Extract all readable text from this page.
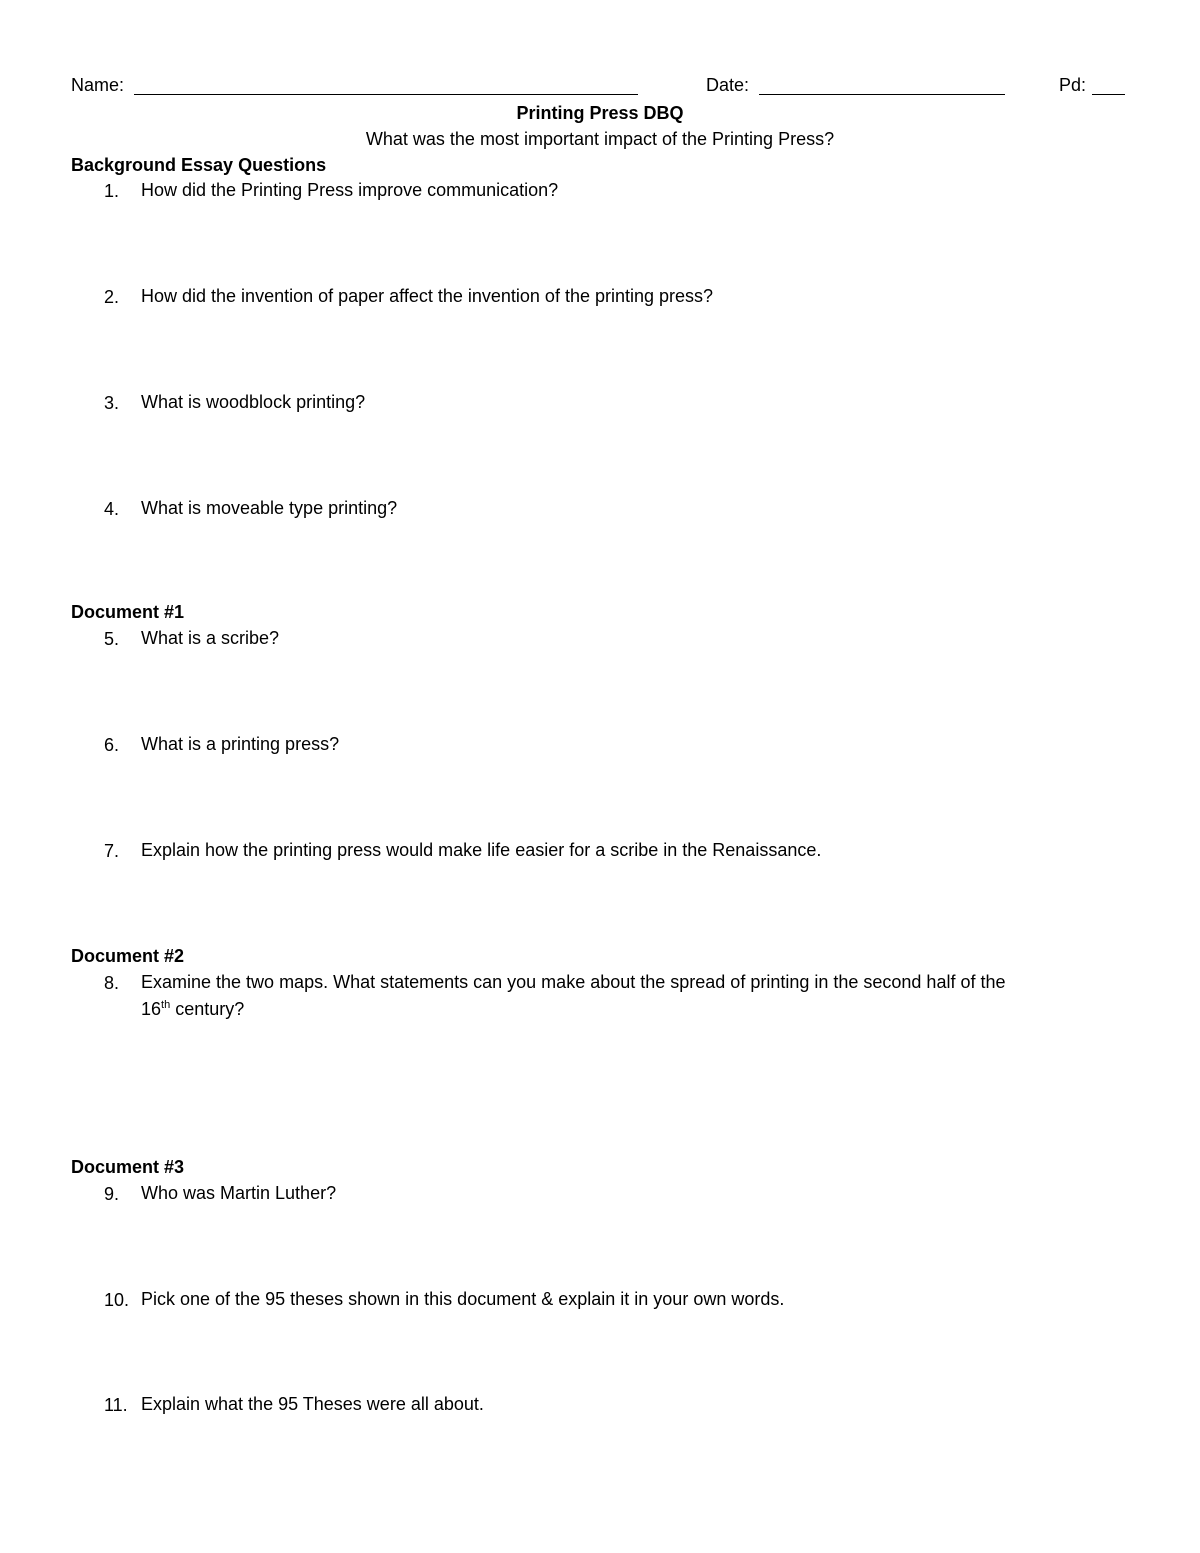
Name:	Date:	Pd:
Printing Press DBQ
What was the most important impact of the Printing Press?
Background Essay Questions
1. How did the Printing Press improve communication?
2. How did the invention of paper affect the invention of the printing press?
3. What is woodblock printing?
4. What is moveable type printing?
Document #1
5. What is a scribe?
6. What is a printing press?
7. Explain how the printing press would make life easier for a scribe in the Renaissance.
Document #2
8. Examine the two maps. What statements can you make about the spread of printing in the second half of the
16th century?
Document #3
9. Who was Martin Luther?
10. Pick one of the 95 theses shown in this document & explain it in your own words.
11. Explain what the 95 Theses were all about.
